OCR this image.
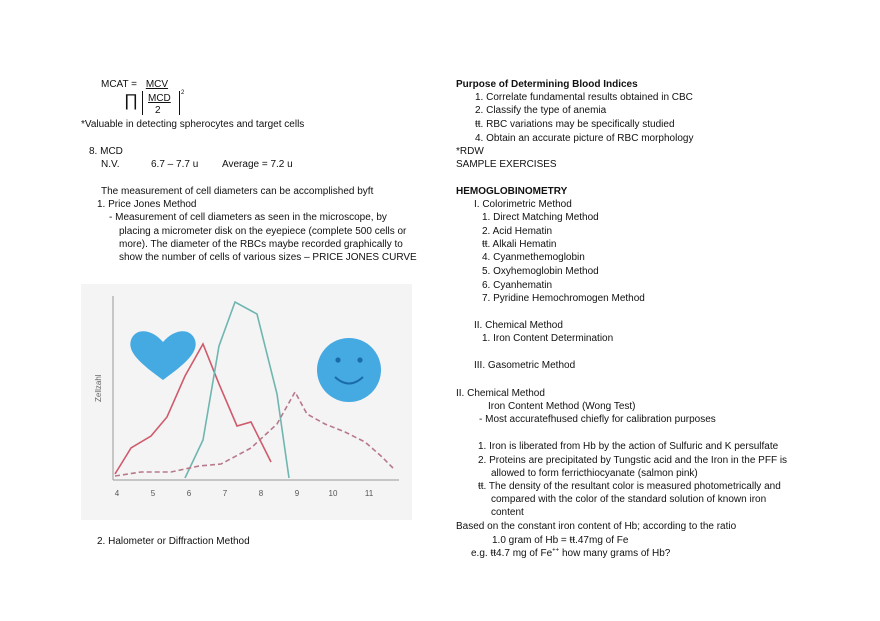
MCAT = MCV
∏ MCD
2
2
*Valuable in detecting spherocytes and target cells
8. MCD
N.V.	6.7 – 7.7 u Average = 7.2 u
The measurement of cell diameters can be accomplished byft
1. Price Jones Method
- Measurement of cell diameters as seen in the microscope, by
placing a micrometer disk on the eyepiece (complete 500 cells or
more). The diameter of the RBCs maybe recorded graphically to
show the number of cells of various sizes – PRICE JONES CURVE
4	5	6	7	8	9	10	11
Zellzahl
2. Halometer or Diffraction Method
Purpose of Determining Blood Indices
1. Correlate fundamental results obtained in CBC
2. Classify the type of anemia
ŧŧ. RBC variations may be specifically studied
4. Obtain an accurate picture of RBC morphology
*RDW
SAMPLE EXERCISES
HEMOGLOBINOMETRY
I. Colorimetric Method
1. Direct Matching Method
2. Acid Hematin
ŧŧ. Alkali Hematin
4. Cyanmethemoglobin
5. Oxyhemoglobin Method
6. Cyanhematin
7. Pyridine Hemochromogen Method
II. Chemical Method
1. Iron Content Determination
III. Gasometric Method
II. Chemical Method
Iron Content Method (Wong Test)
- Most accuratefhused chiefly for calibration purposes
1. Iron is liberated from Hb by the action of Sulfuric and K persulfate
2. Proteins are precipitated by Tungstic acid and the Iron in the PFF is
allowed to form ferricthiocyanate (salmon pink)
ŧŧ. The density of the resultant color is measured photometrically and
compared with the color of the standard solution of known iron
content
Based on the constant iron content of Hb; according to the ratio
1.0 gram of Hb = ŧŧ.47mg of Fe
e.g. ŧŧ4.7 mg of Fe++ how many grams of Hb?
